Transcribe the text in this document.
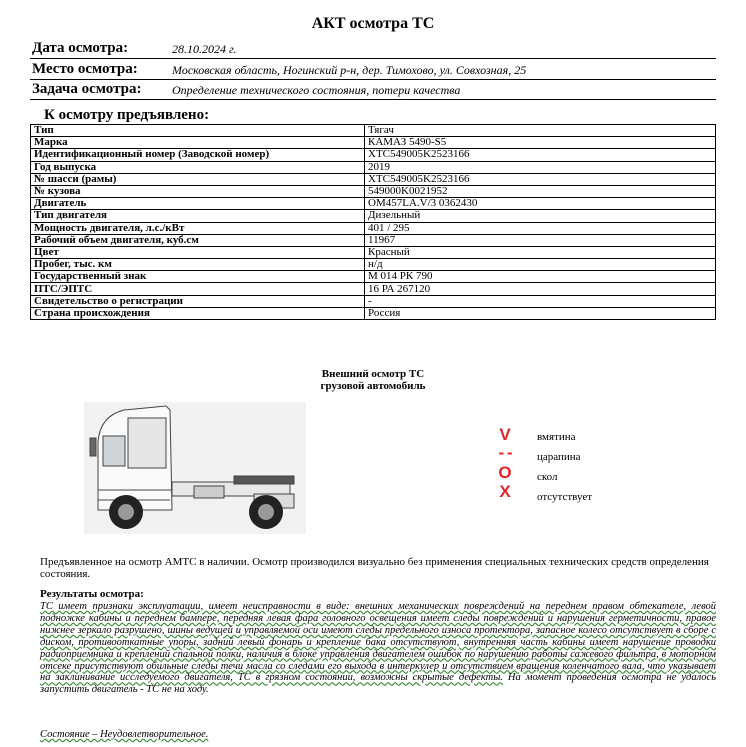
АКТ осмотра ТС
Дата осмотра:	28.10.2024 г.
Место осмотра:	Московская область, Ногинский р-н, дер. Тимохово, ул. Совхозная, 25
Задача осмотра:	Определение технического состояния, потери качества
К осмотру предъявлено:
Тип	Тягач
Марка	КАМАЗ 5490-S5
Идентификационный номер (Заводской номер)	XTC549005K2523166
Год выпуска	2019
№ шасси (рамы)	XTC549005K2523166
№ кузова	549000K0021952
Двигатель	OM457LA.V/3 0362430
Тип двигателя	Дизельный
Мощность двигателя, л.с./кВт	401 / 295
Рабочий объем двигателя, куб.см	11967
Цвет	Красный
Пробег, тыс. км	н/д
Государственный знак	М 014 РК 790
ПТС/ЭПТС	16 РА 267120
Свидетельство о регистрации	-
Страна происхождения	Россия
Внешний осмотр ТС
грузовой автомобиль
V	вмятина
- -	царапина
O	скол
X	отсутствует
Предъявленное на осмотр АМТС в наличии. Осмотр производился визуально без применения специальных технических средств определения состояния.
Результаты осмотра:
ТС имеет признаки эксплуатации, имеет неисправности в виде: внешних механических повреждений на переднем правом обтекателе, левой подножке кабины и переднем бампере, передняя левая фара головного освещения имеет следы повреждений и нарушения герметичности, правое нижнее зеркало разрушено, шины ведущей и управляемой оси имеют следы предельного износа протектора, запасное колесо отсутствует в сборе с диском, противооткатные упоры, задний левый фонарь и крепление бака отсутствуют, внутренняя часть кабины имеет нарушение проводки радиоприемника и креплений спальной полки, наличия в блоке управления двигателем ошибок по нарушению работы сажевого фильтра, в моторном отсеке присутствуют обильные следы течи масла со следами его выхода в интеркулер и отсутствием вращения коленчатого вала, что указывает на заклинивание исследуемого двигателя, ТС в грязном состоянии, возможны скрытые дефекты. На момент проведения осмотра не удалось запустить двигатель - ТС не на ходу.
Состояние – Неудовлетворительное.
